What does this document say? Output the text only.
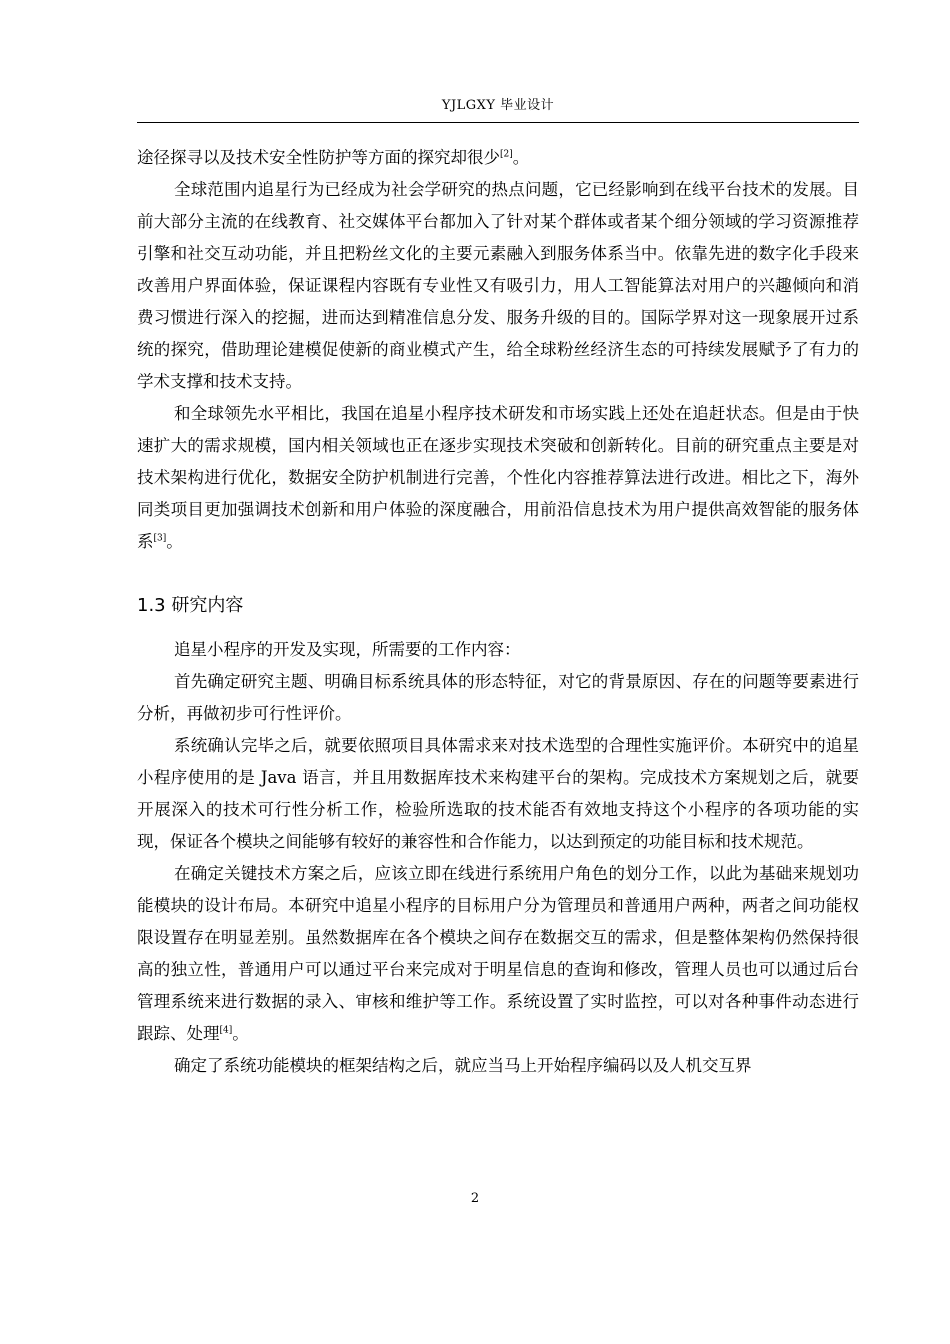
YJLGXY 毕业设计

途径探寻以及技术安全性防护等方面的探究却很少[2]。

全球范围内追星行为已经成为社会学研究的热点问题，它已经影响到在线平台技术的发展。目前大部分主流的在线教育、社交媒体平台都加入了针对某个群体或者某个细分领域的学习资源推荐引擎和社交互动功能，并且把粉丝文化的主要元素融入到服务体系当中。依靠先进的数字化手段来改善用户界面体验，保证课程内容既有专业性又有吸引力，用人工智能算法对用户的兴趣倾向和消费习惯进行深入的挖掘，进而达到精准信息分发、服务升级的目的。国际学界对这一现象展开过系统的探究，借助理论建模促使新的商业模式产生，给全球粉丝经济生态的可持续发展赋予了有力的学术支撑和技术支持。

和全球领先水平相比，我国在追星小程序技术研发和市场实践上还处在追赶状态。但是由于快速扩大的需求规模，国内相关领域也正在逐步实现技术突破和创新转化。目前的研究重点主要是对技术架构进行优化，数据安全防护机制进行完善，个性化内容推荐算法进行改进。相比之下，海外同类项目更加强调技术创新和用户体验的深度融合，用前沿信息技术为用户提供高效智能的服务体系[3]。

1.3 研究内容

追星小程序的开发及实现，所需要的工作内容：

首先确定研究主题、明确目标系统具体的形态特征，对它的背景原因、存在的问题等要素进行分析，再做初步可行性评价。

系统确认完毕之后，就要依照项目具体需求来对技术选型的合理性实施评价。本研究中的追星小程序使用的是 Java 语言，并且用数据库技术来构建平台的架构。完成技术方案规划之后，就要开展深入的技术可行性分析工作，检验所选取的技术能否有效地支持这个小程序的各项功能的实现，保证各个模块之间能够有较好的兼容性和合作能力，以达到预定的功能目标和技术规范。

在确定关键技术方案之后，应该立即在线进行系统用户角色的划分工作，以此为基础来规划功能模块的设计布局。本研究中追星小程序的目标用户分为管理员和普通用户两种，两者之间功能权限设置存在明显差别。虽然数据库在各个模块之间存在数据交互的需求，但是整体架构仍然保持很高的独立性，普通用户可以通过平台来完成对于明星信息的查询和修改，管理人员也可以通过后台管理系统来进行数据的录入、审核和维护等工作。系统设置了实时监控，可以对各种事件动态进行跟踪、处理[4]。

确定了系统功能模块的框架结构之后，就应当马上开始程序编码以及人机交互界

2
